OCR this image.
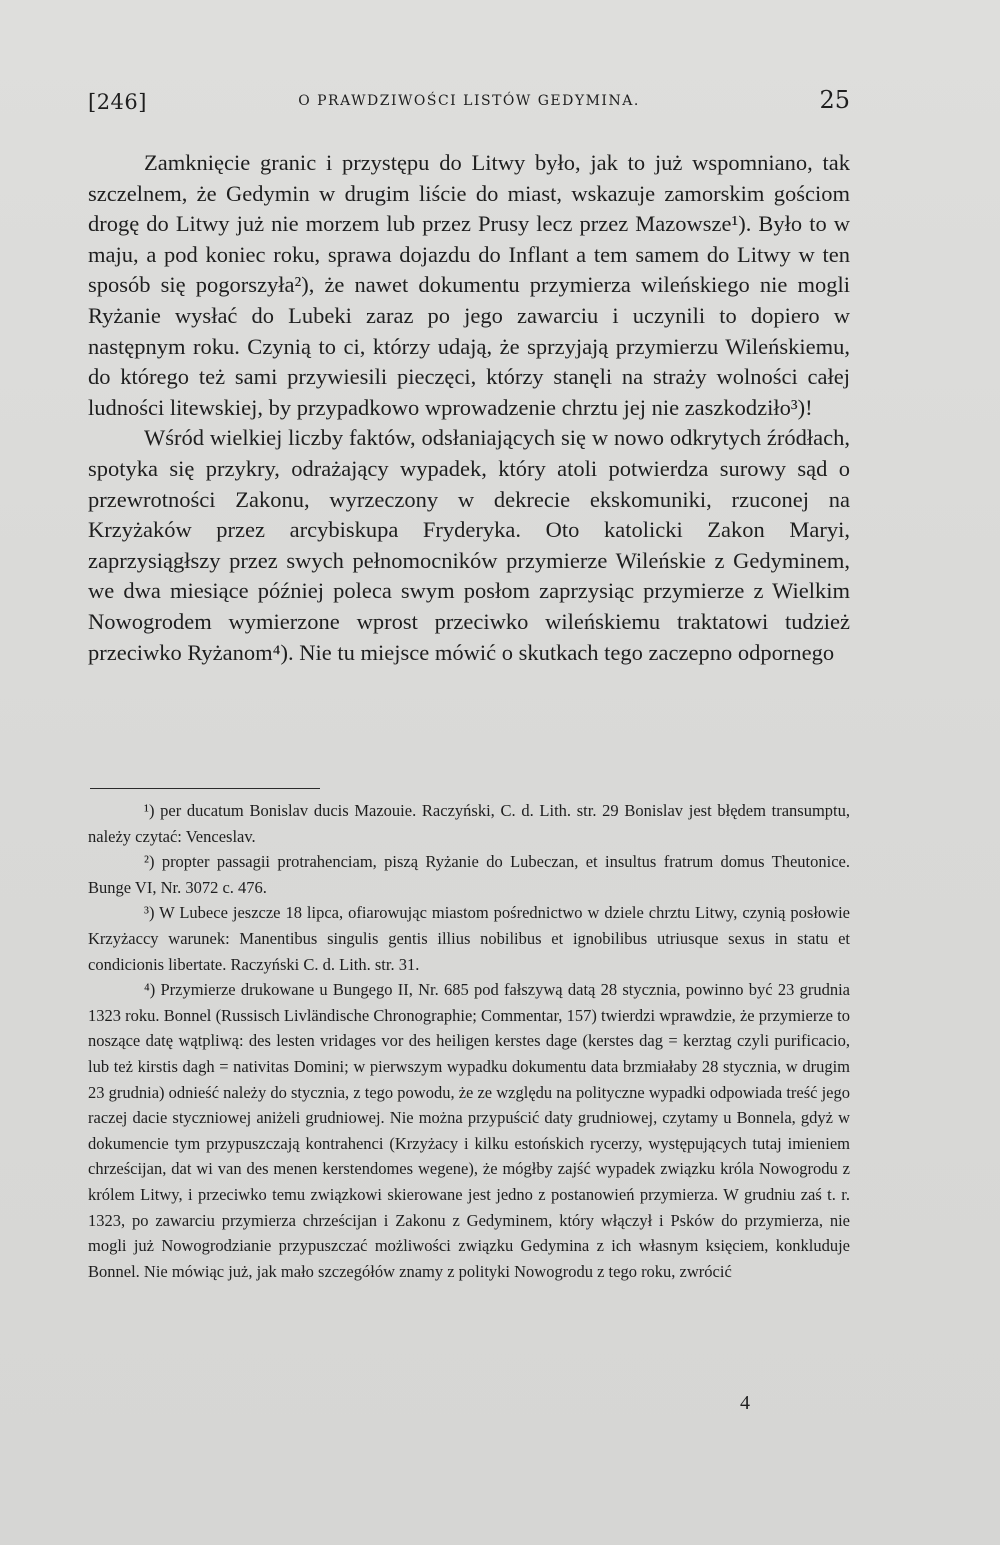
[246]	O PRAWDZIWOŚCI LISTÓW GEDYMINA.	25

Zamknięcie granic i przystępu do Litwy było, jak to już wspomniano, tak szczelnem, że Gedymin w drugim liście do miast, wskazuje zamorskim gościom drogę do Litwy już nie morzem lub przez Prusy lecz przez Mazowsze¹). Było to w maju, a pod koniec roku, sprawa dojazdu do Inflant a tem samem do Litwy w ten sposób się pogorszyła²), że nawet dokumentu przymierza wileńskiego nie mogli Ryżanie wysłać do Lubeki zaraz po jego zawarciu i uczynili to dopiero w następnym roku. Czynią to ci, którzy udają, że sprzyjają przymierzu Wileńskiemu, do którego też sami przywiesili pieczęci, którzy stanęli na straży wolności całej ludności litewskiej, by przypadkowo wprowadzenie chrztu jej nie zaszkodziło³)!

Wśród wielkiej liczby faktów, odsłaniających się w nowo odkrytych źródłach, spotyka się przykry, odrażający wypadek, który atoli potwierdza surowy sąd o przewrotności Zakonu, wyrzeczony w dekrecie ekskomuniki, rzuconej na Krzyżaków przez arcybiskupa Fryderyka. Oto katolicki Zakon Maryi, zaprzysiągłszy przez swych pełnomocników przymierze Wileńskie z Gedyminem, we dwa miesiące później poleca swym posłom zaprzysiąc przymierze z Wielkim Nowogrodem wymierzone wprost przeciwko wileńskiemu traktatowi tudzież przeciwko Ryżanom⁴). Nie tu miejsce mówić o skutkach tego zaczepno odpornego

¹) per ducatum Bonislav ducis Mazouie. Raczyński, C. d. Lith. str. 29 Bonislav jest błędem transumptu, należy czytać: Venceslav.

²) propter passagii protrahenciam, piszą Ryżanie do Lubeczan, et insultus fratrum domus Theutonice. Bunge VI, Nr. 3072 c. 476.

³) W Lubece jeszcze 18 lipca, ofiarowując miastom pośrednictwo w dziele chrztu Litwy, czynią posłowie Krzyżaccy warunek: Manentibus singulis gentis illius nobilibus et ignobilibus utriusque sexus in statu et condicionis libertate. Raczyński C. d. Lith. str. 31.

⁴) Przymierze drukowane u Bungego II, Nr. 685 pod fałszywą datą 28 stycznia, powinno być 23 grudnia 1323 roku. Bonnel (Russisch Livländische Chronographie; Commentar, 157) twierdzi wprawdzie, że przymierze to noszące datę wątpliwą: des lesten vridages vor des heiligen kerstes dage (kerstes dag = kerztag czyli purificacio, lub też kirstis dagh = nativitas Domini; w pierwszym wypadku dokumentu data brzmiałaby 28 stycznia, w drugim 23 grudnia) odnieść należy do stycznia, z tego powodu, że ze względu na polityczne wypadki odpowiada treść jego raczej dacie styczniowej aniżeli grudniowej. Nie można przypuścić daty grudniowej, czytamy u Bonnela, gdyż w dokumencie tym przypuszczają kontrahenci (Krzyżacy i kilku estońskich rycerzy, występujących tutaj imieniem chrześcijan, dat wi van des menen kerstendomes wegene), że mógłby zajść wypadek związku króla Nowogrodu z królem Litwy, i przeciwko temu związkowi skierowane jest jedno z postanowień przymierza. W grudniu zaś t. r. 1323, po zawarciu przymierza chrześcijan i Zakonu z Gedyminem, który włączył i Psków do przymierza, nie mogli już Nowogrodzianie przypuszczać możliwości związku Gedymina z ich własnym księciem, konkluduje Bonnel. Nie mówiąc już, jak mało szczegółów znamy z polityki Nowogrodu z tego roku, zwrócić

4
